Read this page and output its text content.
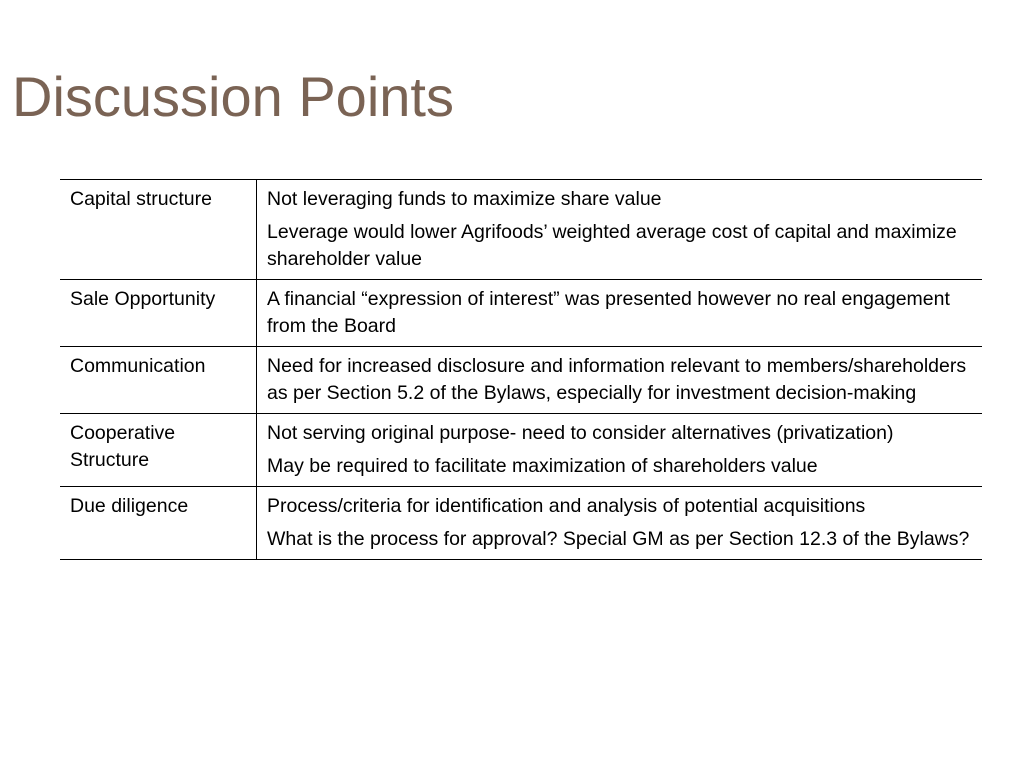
Discussion Points
Capital structure	Not leveraging funds to maximize share value

Leverage would lower Agrifoods’ weighted average cost of capital and maximize shareholder value

Sale Opportunity	A financial “expression of interest” was presented however no real engagement from the Board

Communication	Need for increased disclosure and information relevant to members/shareholders as per Section 5.2 of the Bylaws, especially for investment decision-making

Cooperative Structure	Not serving original purpose- need to consider alternatives (privatization)

May be required to facilitate maximization of shareholders value

Due diligence	Process/criteria for identification and analysis of potential acquisitions

What is the process for approval? Special GM as per Section 12.3 of the Bylaws?
